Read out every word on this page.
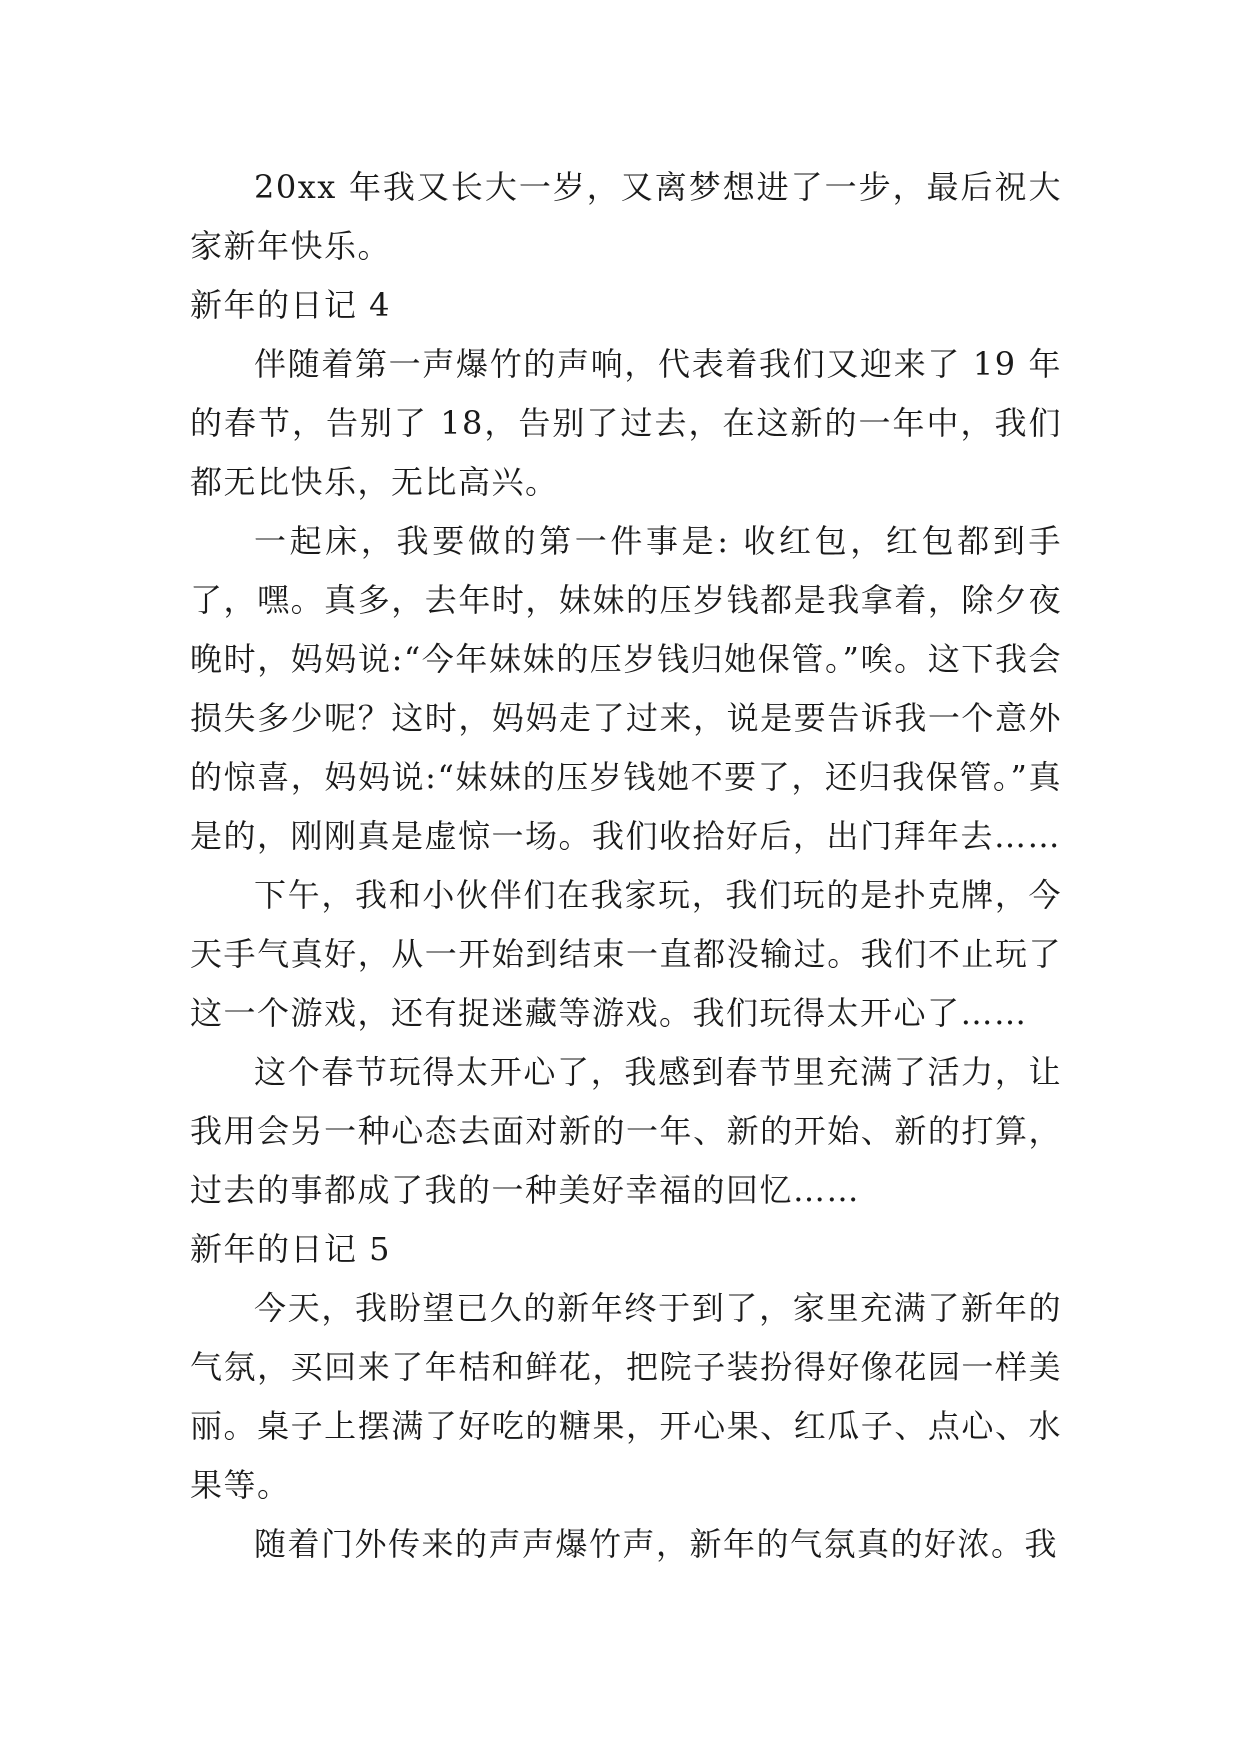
20xx 年我又长大一岁，又离梦想进了一步，最后祝大家新年快乐。

新年的日记 4

伴随着第一声爆竹的声响，代表着我们又迎来了 19 年的春节，告别了 18，告别了过去，在这新的一年中，我们都无比快乐，无比高兴。

一起床，我要做的第一件事是: 收红包，红包都到手了，嘿。真多，去年时，妹妹的压岁钱都是我拿着，除夕夜晚时，妈妈说:“今年妹妹的压岁钱归她保管。”唉。这下我会损失多少呢？这时，妈妈走了过来，说是要告诉我一个意外的惊喜，妈妈说:“妹妹的压岁钱她不要了，还归我保管。”真是的，刚刚真是虚惊一场。我们收拾好后，出门拜年去……

下午，我和小伙伴们在我家玩，我们玩的是扑克牌，今天手气真好，从一开始到结束一直都没输过。我们不止玩了这一个游戏，还有捉迷藏等游戏。我们玩得太开心了……

这个春节玩得太开心了，我感到春节里充满了活力，让我用会另一种心态去面对新的一年、新的开始、新的打算，过去的事都成了我的一种美好幸福的回忆……

新年的日记 5

今天，我盼望已久的新年终于到了，家里充满了新年的气氛，买回来了年桔和鲜花，把院子装扮得好像花园一样美丽。桌子上摆满了好吃的糖果，开心果、红瓜子、点心、水果等。

随着门外传来的声声爆竹声，新年的气氛真的好浓。我
